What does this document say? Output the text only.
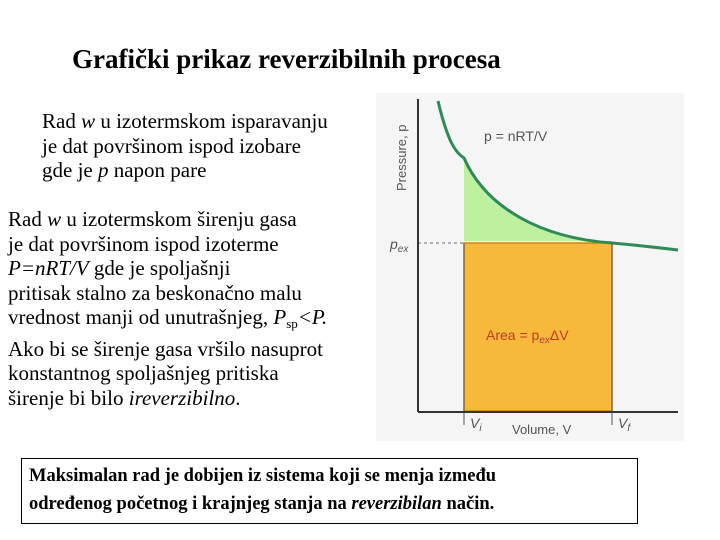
Grafički prikaz reverzibilnih procesa
Rad w u izotermskom isparavanju
je dat površinom ispod izobare
gde je p napon pare
Rad w u izotermskom širenju gasa
je dat površinom ispod izoterme
P=nRT/V gde je spoljašnji
pritisak stalno za beskonačno malu
vrednost manji od unutrašnjeg, $P_{sp}<P$.
Ako bi se širenje gasa vršilo nasuprot
konstantnog spoljašnjeg pritiska
širenje bi bilo ireverzibilno.
Pressure, p
Volume, V
p = nRT/V
$p_{ex}$
$V_i$	$V_f$
Area = $p_{ex}\Delta V$
Maksimalan rad je dobijen iz sistema koji se menja između
određenog početnog i krajnjeg stanja na reverzibilan način.
